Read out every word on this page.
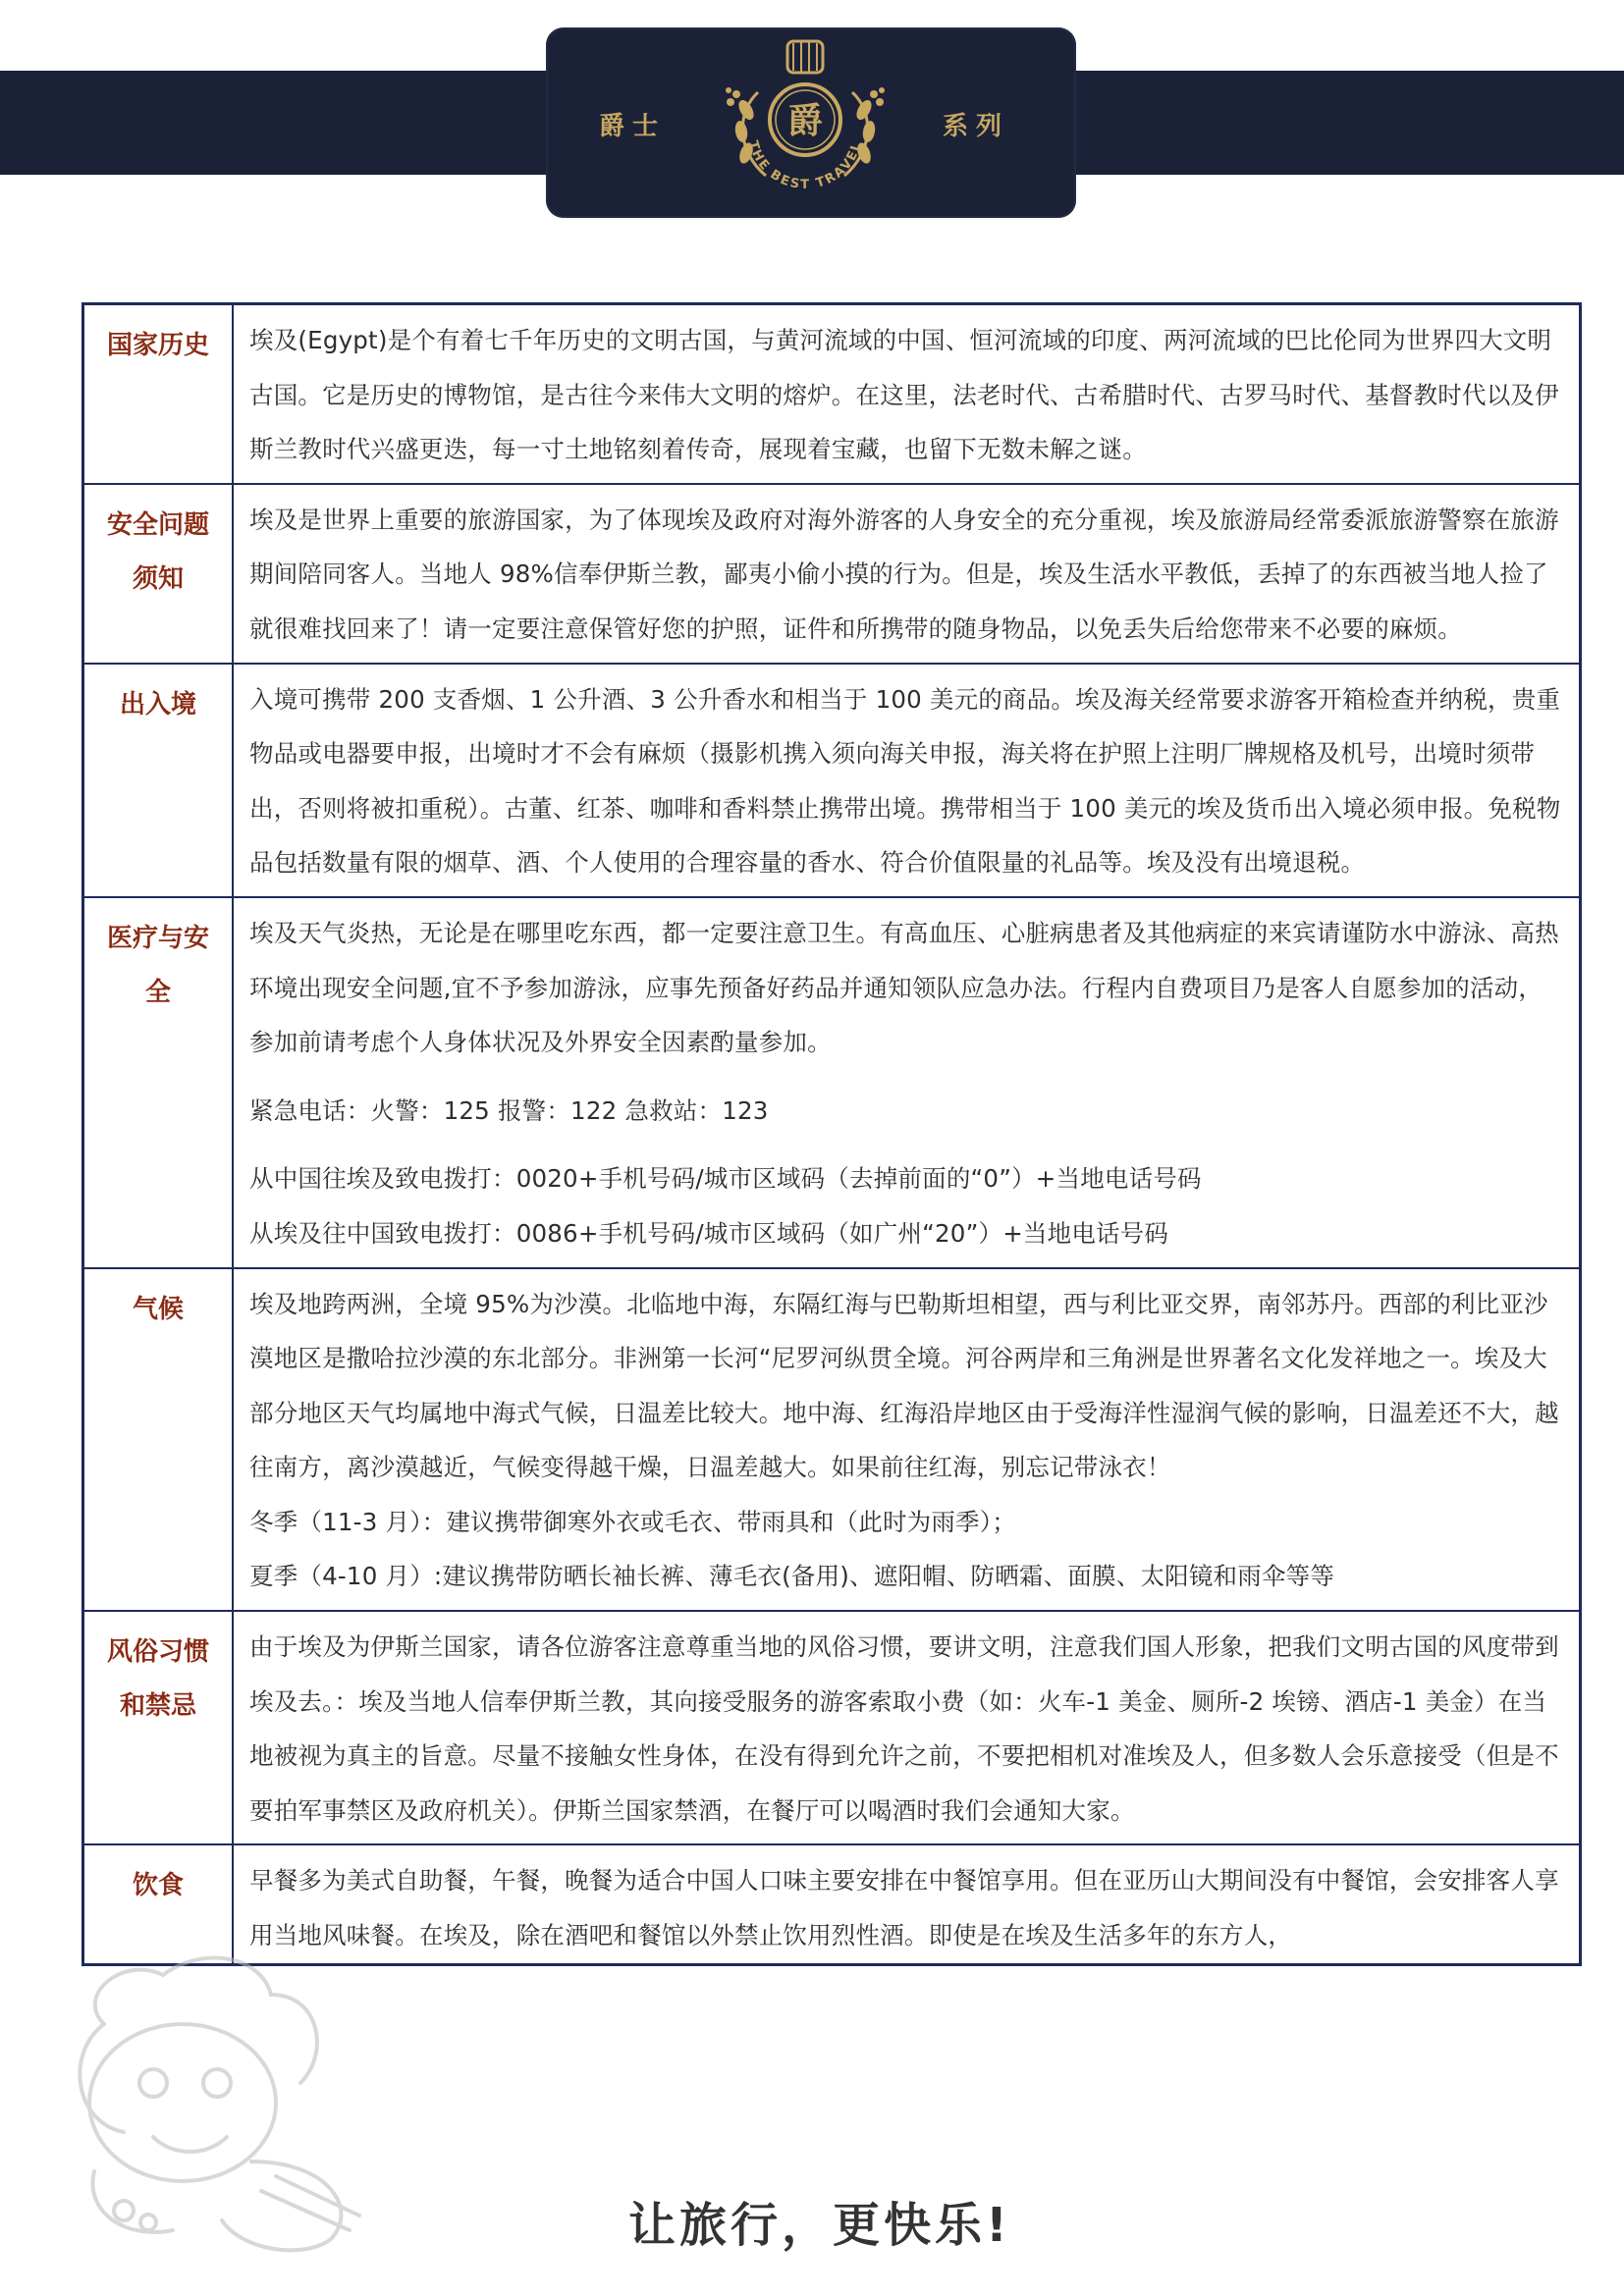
爵士	系列
爵
THE BEST TRAVEL
国家历史	埃及(Egypt)是个有着七千年历史的文明古国，与黄河流域的中国、恒河流域的印度、两河流域的巴比伦同为世界四大文明古国。它是历史的博物馆，是古往今来伟大文明的熔炉。在这里，法老时代、古希腊时代、古罗马时代、基督教时代以及伊斯兰教时代兴盛更迭，每一寸土地铭刻着传奇，展现着宝藏，也留下无数未解之谜。

安全问题须知	埃及是世界上重要的旅游国家，为了体现埃及政府对海外游客的人身安全的充分重视，埃及旅游局经常委派旅游警察在旅游期间陪同客人。当地人 98%信奉伊斯兰教，鄙夷小偷小摸的行为。但是，埃及生活水平教低，丢掉了的东西被当地人捡了就很难找回来了！请一定要注意保管好您的护照，证件和所携带的随身物品，以免丢失后给您带来不必要的麻烦。

出入境	入境可携带 200 支香烟、1 公升酒、3 公升香水和相当于 100 美元的商品。埃及海关经常要求游客开箱检查并纳税，贵重物品或电器要申报，出境时才不会有麻烦（摄影机携入须向海关申报，海关将在护照上注明厂牌规格及机号，出境时须带出，否则将被扣重税）。古董、红茶、咖啡和香料禁止携带出境。携带相当于 100 美元的埃及货币出入境必须申报。免税物品包括数量有限的烟草、酒、个人使用的合理容量的香水、符合价值限量的礼品等。埃及没有出境退税。

医疗与安全	埃及天气炎热，无论是在哪里吃东西，都一定要注意卫生。有高血压、心脏病患者及其他病症的来宾请谨防水中游泳、高热环境出现安全问题,宜不予参加游泳，应事先预备好药品并通知领队应急办法。行程内自费项目乃是客人自愿参加的活动，参加前请考虑个人身体状况及外界安全因素酌量参加。

紧急电话：火警：125 报警：122 急救站：123

从中国往埃及致电拨打：0020+手机号码/城市区域码（去掉前面的“0”）+当地电话号码

从埃及往中国致电拨打：0086+手机号码/城市区域码（如广州“20”）+当地电话号码

气候	埃及地跨两洲，全境 95%为沙漠。北临地中海，东隔红海与巴勒斯坦相望，西与利比亚交界，南邻苏丹。西部的利比亚沙漠地区是撒哈拉沙漠的东北部分。非洲第一长河“尼罗河纵贯全境。河谷两岸和三角洲是世界著名文化发祥地之一。埃及大部分地区天气均属地中海式气候，日温差比较大。地中海、红海沿岸地区由于受海洋性湿润气候的影响，日温差还不大，越往南方，离沙漠越近，气候变得越干燥，日温差越大。如果前往红海，别忘记带泳衣！

冬季（11-3 月）：建议携带御寒外衣或毛衣、带雨具和（此时为雨季）；

夏季（4-10 月）:建议携带防晒长袖长裤、薄毛衣(备用)、遮阳帽、防晒霜、面膜、太阳镜和雨伞等等

风俗习惯和禁忌	由于埃及为伊斯兰国家，请各位游客注意尊重当地的风俗习惯，要讲文明，注意我们国人形象，把我们文明古国的风度带到埃及去。：埃及当地人信奉伊斯兰教，其向接受服务的游客索取小费（如：火车-1 美金、厕所-2 埃镑、酒店-1 美金）在当地被视为真主的旨意。尽量不接触女性身体，在没有得到允许之前，不要把相机对准埃及人，但多数人会乐意接受（但是不要拍军事禁区及政府机关）。伊斯兰国家禁酒，在餐厅可以喝酒时我们会通知大家。

饮食	早餐多为美式自助餐，午餐，晚餐为适合中国人口味主要安排在中餐馆享用。但在亚历山大期间没有中餐馆，会安排客人享用当地风味餐。在埃及，除在酒吧和餐馆以外禁止饮用烈性酒。即使是在埃及生活多年的东方人，

让旅行，更快乐!
